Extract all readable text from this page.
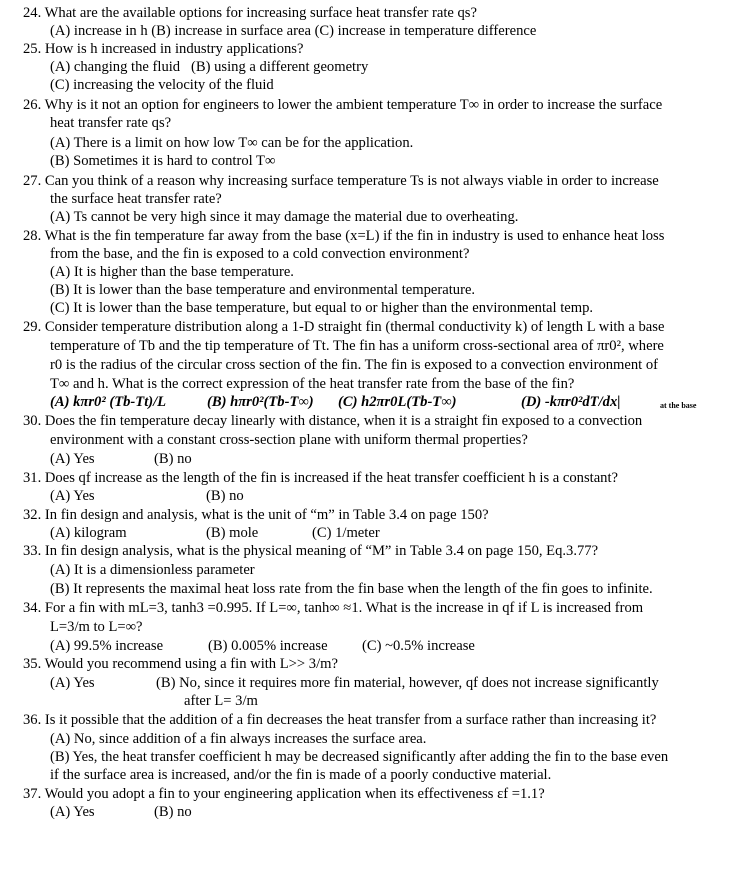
24. What are the available options for increasing surface heat transfer rate qs?
(A) increase in h (B) increase in surface area (C) increase in temperature difference
25. How is h increased in industry applications?
(A) changing the fluid   (B) using a different geometry
(C) increasing the velocity of the fluid
26. Why is it not an option for engineers to lower the ambient temperature T∞ in order to increase the surface
heat transfer rate qs?
(A) There is a limit on how low T∞ can be for the application.
(B) Sometimes it is hard to control T∞
27. Can you think of a reason why increasing surface temperature Ts is not always viable in order to increase
the surface heat transfer rate?
(A) Ts cannot be very high since it may damage the material due to overheating.
28. What is the fin temperature far away from the base (x=L) if the fin in industry is used to enhance heat loss
from the base, and the fin is exposed to a cold convection environment?
(A) It is higher than the base temperature.
(B) It is lower than the base temperature and environmental temperature.
(C) It is lower than the base temperature, but equal to or higher than the environmental temp.
29. Consider temperature distribution along a 1-D straight fin (thermal conductivity k) of length L with a base
temperature of Tb and the tip temperature of Tt. The fin has a uniform cross-sectional area of πr0², where
r0 is the radius of the circular cross section of the fin. The fin is exposed to a convection environment of
T∞ and h. What is the correct expression of the heat transfer rate from the base of the fin?

(A) kπr0² (Tb-Tt)/L

	(B) hπr0²(Tb-T∞)

(C) h2πr0L(Tb-T∞)

	(D) -kπr0²dT/dx|

	at the base

30. Does the fin temperature decay linearly with distance, when it is a straight fin exposed to a convection
environment with a constant cross-section plane with uniform thermal properties?

(A) Yes

	(B) no

31. Does qf increase as the length of the fin is increased if the heat transfer coefficient h is a constant?

(A) Yes

	(B) no

32. In fin design and analysis, what is the unit of “m” in Table 3.4 on page 150?

(A) kilogram

	(B) mole

	(C) 1/meter

33. In fin design analysis, what is the physical meaning of “M” in Table 3.4 on page 150, Eq.3.77?
(A) It is a dimensionless parameter
(B) It represents the maximal heat loss rate from the fin base when the length of the fin goes to infinite.
34. For a fin with mL=3, tanh3 =0.995. If L=∞, tanh∞ ≈1. What is the increase in qf if L is increased from
L=3/m to L=∞?

(A) 99.5% increase

	(B) 0.005% increase

(C) ~0.5% increase

35. Would you recommend using a fin with L>> 3/m?

(A) Yes

	(B) No, since it requires more fin material, however, qf does not increase significantly

after L= 3/m
36. Is it possible that the addition of a fin decreases the heat transfer from a surface rather than increasing it?
(A) No, since addition of a fin always increases the surface area.
(B) Yes, the heat transfer coefficient h may be decreased significantly after adding the fin to the base even
if the surface area is increased, and/or the fin is made of a poorly conductive material.
37. Would you adopt a fin to your engineering application when its effectiveness εf =1.1?

(A) Yes

	(B) no
